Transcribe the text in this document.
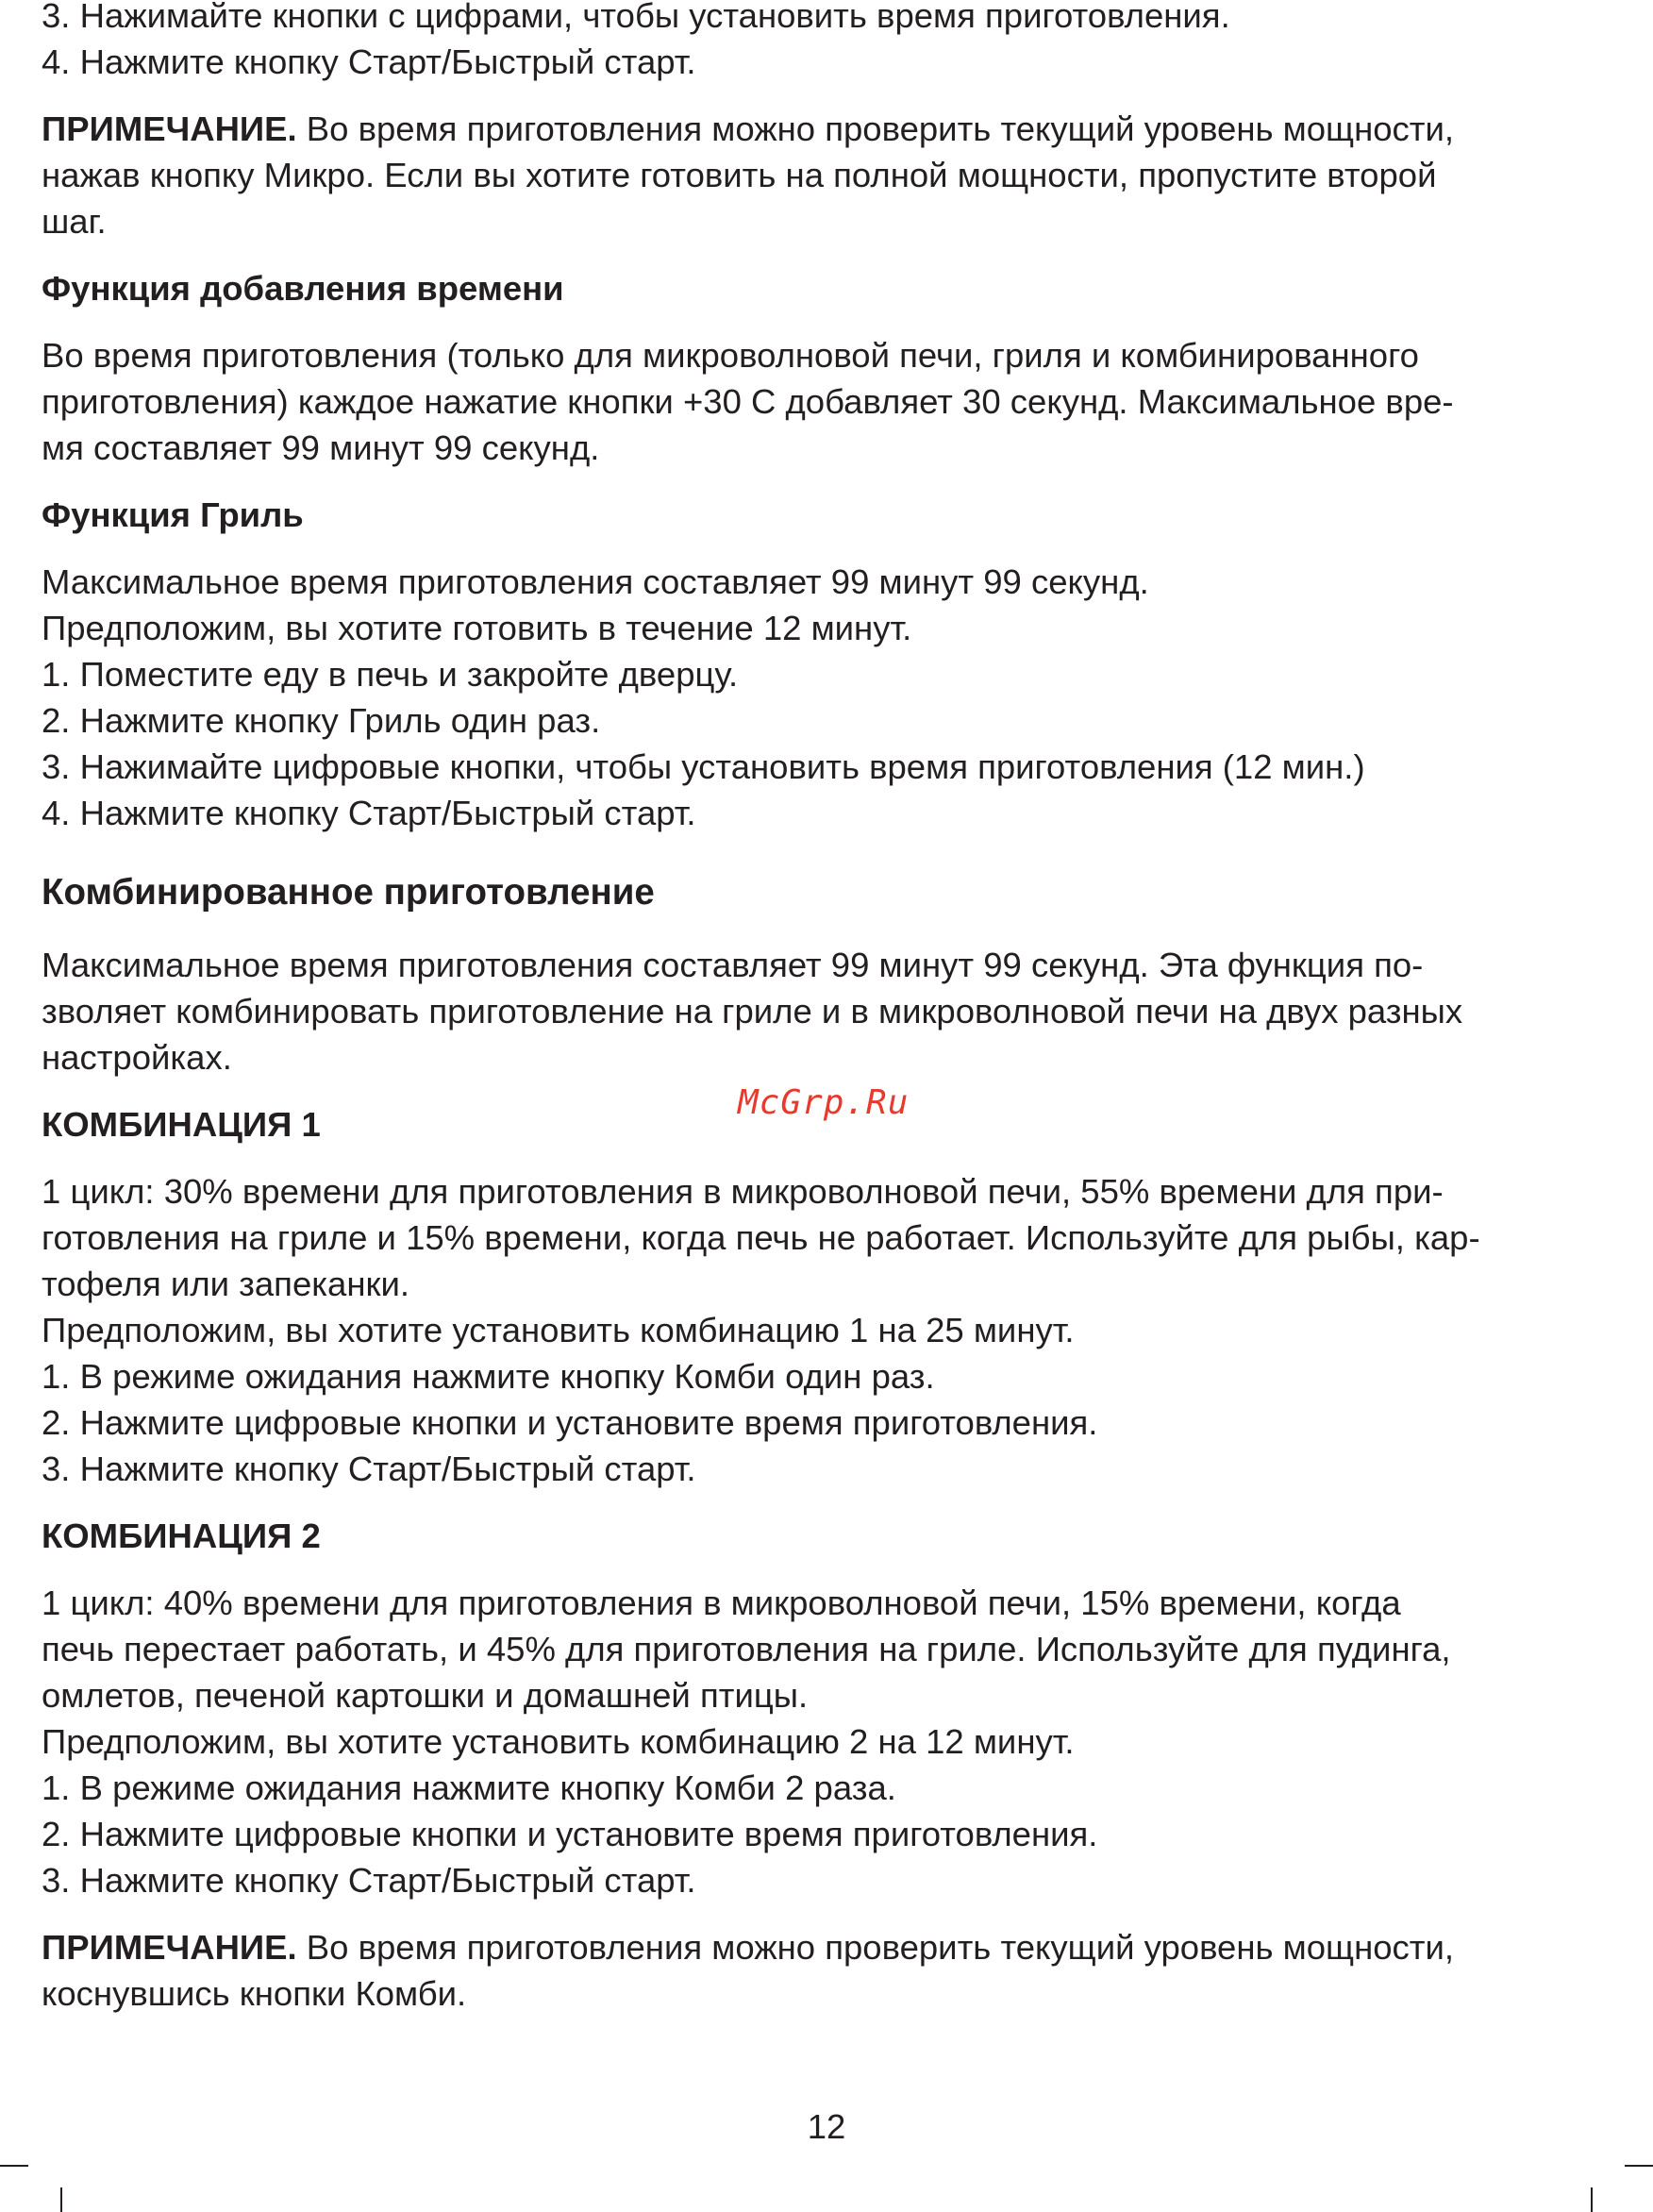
3. Нажимайте кнопки с цифрами, чтобы установить время приготовления.

4. Нажмите кнопку Старт/Быстрый старт.

ПРИМЕЧАНИЕ. Во время приготовления можно проверить текущий уровень мощности,

нажав кнопку Микро. Если вы хотите готовить на полной мощности, пропустите второй

шаг.

Функция добавления времени

Во время приготовления (только для микроволновой печи, гриля и комбинированного

приготовления) каждое нажатие кнопки +30 С добавляет 30 секунд. Максимальное вре-

мя составляет 99 минут 99 секунд.

Функция Гриль

Максимальное время приготовления составляет 99 минут 99 секунд.

Предположим, вы хотите готовить в течение 12 минут.

1. Поместите еду в печь и закройте дверцу.

2. Нажмите кнопку Гриль один раз.

3. Нажимайте цифровые кнопки, чтобы установить время приготовления (12 мин.)

4. Нажмите кнопку Старт/Быстрый старт.

Комбинированное приготовление

Максимальное время приготовления составляет 99 минут 99 секунд. Эта функция по-

зволяет комбинировать приготовление на гриле и в микроволновой печи на двух разных

настройках.

КОМБИНАЦИЯ 1

1 цикл: 30% времени для приготовления в микроволновой печи, 55% времени для при-

готовления на гриле и 15% времени, когда печь не работает. Используйте для рыбы, кар-

тофеля или запеканки.

Предположим, вы хотите установить комбинацию 1 на 25 минут.

1. В режиме ожидания нажмите кнопку Комби один раз.

2. Нажмите цифровые кнопки и установите время приготовления.

3. Нажмите кнопку Старт/Быстрый старт.

КОМБИНАЦИЯ 2

1 цикл: 40% времени для приготовления в микроволновой печи, 15% времени, когда

печь перестает работать, и 45% для приготовления на гриле. Используйте для пудинга,

омлетов, печеной картошки и домашней птицы.

Предположим, вы хотите установить комбинацию 2 на 12 минут.

1. В режиме ожидания нажмите кнопку Комби 2 раза.

2. Нажмите цифровые кнопки и установите время приготовления.

3. Нажмите кнопку Старт/Быстрый старт.

ПРИМЕЧАНИЕ. Во время приготовления можно проверить текущий уровень мощности,

коснувшись кнопки Комби.

McGrp.Ru
12
